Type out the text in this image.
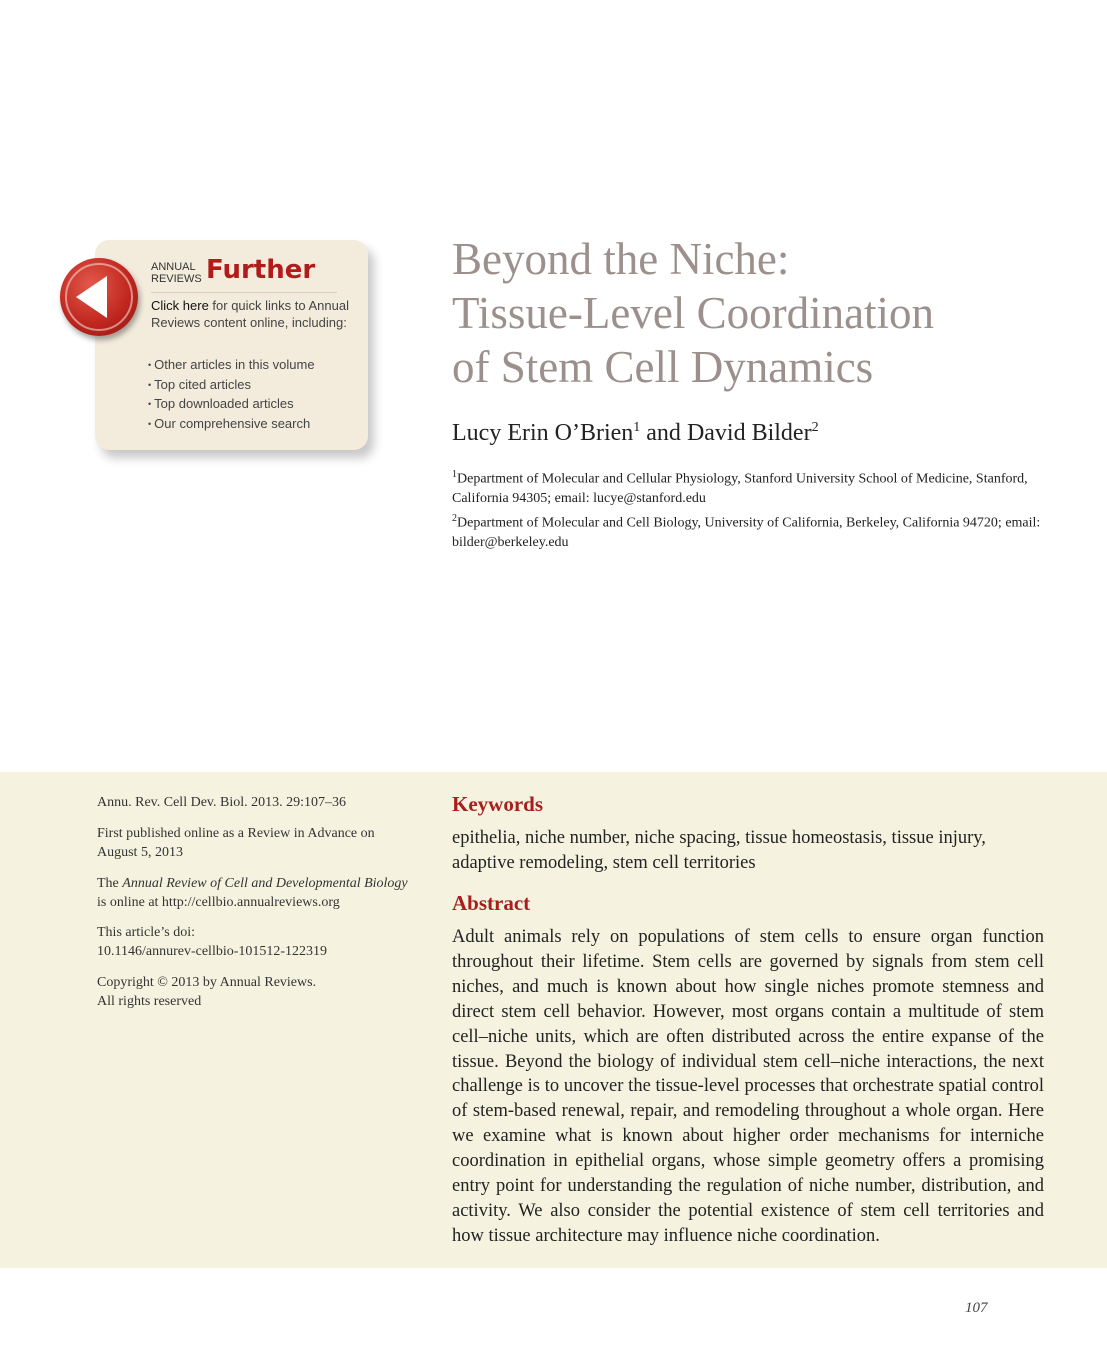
ANNUAL
REVIEWS Further
Click here for quick links to Annual Reviews content online, including:
• Other articles in this volume
• Top cited articles
• Top downloaded articles
• Our comprehensive search
Beyond the Niche:
Tissue-Level Coordination
of Stem Cell Dynamics
Lucy Erin O’Brien$^1$ and David Bilder$^2$
$^1$Department of Molecular and Cellular Physiology, Stanford University School of Medicine, Stanford, California 94305; email: lucye@stanford.edu
$^2$Department of Molecular and Cell Biology, University of California, Berkeley, California 94720; email: bilder@berkeley.edu
Annu. Rev. Cell Dev. Biol. 2013. 29:107–36
First published online as a Review in Advance on August 5, 2013
The Annual Review of Cell and Developmental Biology is online at http://cellbio.annualreviews.org
This article’s doi:
10.1146/annurev-cellbio-101512-122319
Copyright © 2013 by Annual Reviews.
All rights reserved
Keywords
epithelia, niche number, niche spacing, tissue homeostasis, tissue injury, adaptive remodeling, stem cell territories
Abstract

Adult animals rely on populations of stem cells to ensure organ function throughout their lifetime. Stem cells are governed by signals from stem cell niches, and much is known about how single niches promote stemness and direct stem cell behavior. However, most organs contain a multitude of stem cell–niche units, which are often distributed across the entire expanse of the tissue. Beyond the biology of individual stem cell–niche interactions, the next challenge is to uncover the tissue-level processes that orchestrate spatial control of stem-based renewal, repair, and remodeling throughout a whole organ. Here we examine what is known about higher order mechanisms for interniche coordination in epithelial organs, whose simple geometry offers a promising entry point for understanding the regulation of niche number, distribution, and activity. We also consider the potential existence of stem cell territories and how tissue architecture may influence niche coordination.

107
